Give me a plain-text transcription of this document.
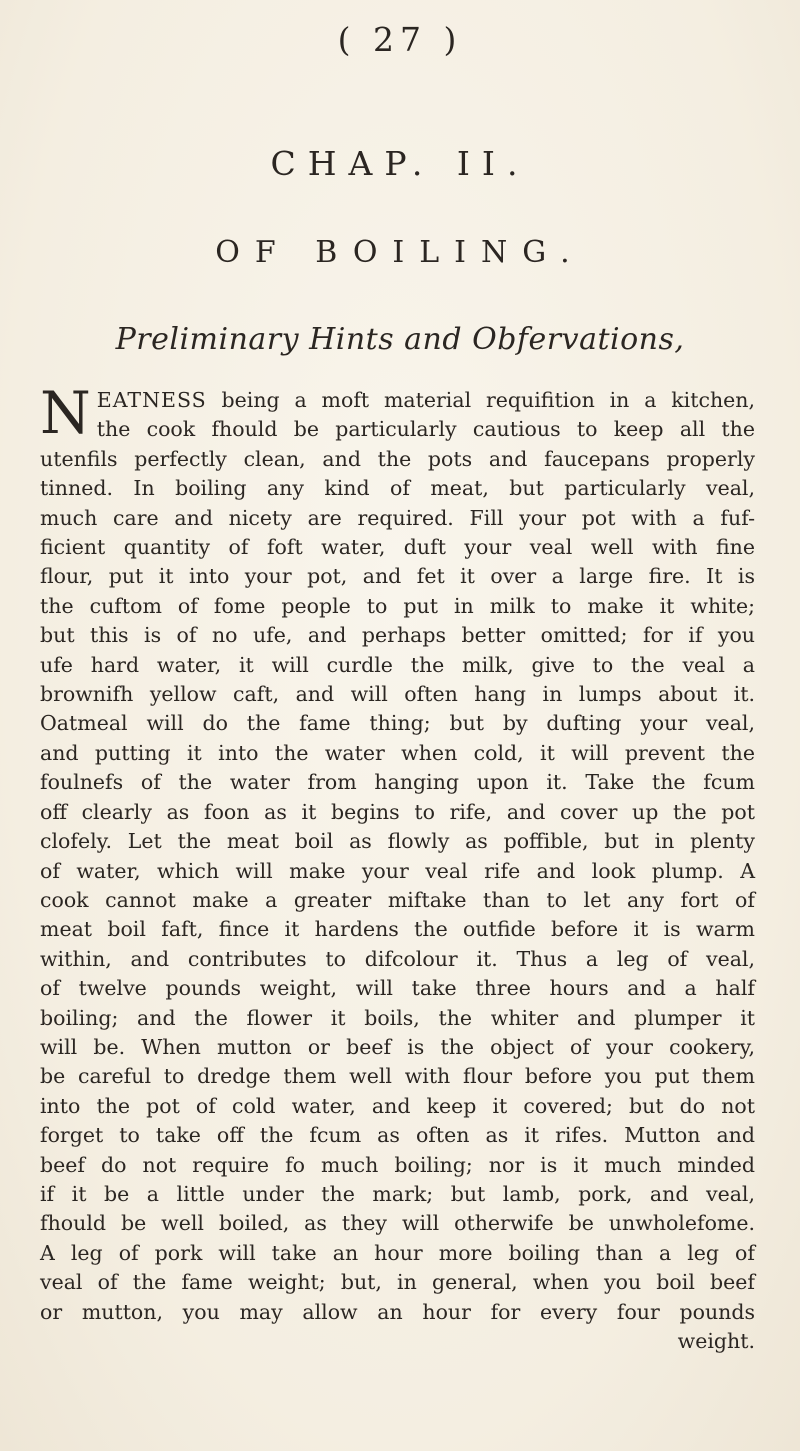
( 27 )
CHAP. II.
OF BOILING.
Preliminary Hints and Obfervations,
N EATNESS being a moft material requifition in a kitchen,
the cook fhould be particularly cautious to keep all the
utenfils perfectly clean, and the pots and faucepans properly
tinned. In boiling any kind of meat, but particularly veal,
much care and nicety are required. Fill your pot with a fuf-
ficient quantity of foft water, duft your veal well with fine
flour, put it into your pot, and fet it over a large fire. It is
the cuftom of fome people to put in milk to make it white;
but this is of no ufe, and perhaps better omitted; for if you
ufe hard water, it will curdle the milk, give to the veal a
brownifh yellow caft, and will often hang in lumps about it.
Oatmeal will do the fame thing; but by dufting your veal,
and putting it into the water when cold, it will prevent the
foulnefs of the water from hanging upon it. Take the fcum
off clearly as foon as it begins to rife, and cover up the pot
clofely. Let the meat boil as flowly as poffible, but in plenty
of water, which will make your veal rife and look plump. A
cook cannot make a greater miftake than to let any fort of
meat boil faft, fince it hardens the outfide before it is warm
within, and contributes to difcolour it. Thus a leg of veal,
of twelve pounds weight, will take three hours and a half
boiling; and the flower it boils, the whiter and plumper it
will be. When mutton or beef is the object of your cookery,
be careful to dredge them well with flour before you put them
into the pot of cold water, and keep it covered; but do not
forget to take off the fcum as often as it rifes. Mutton and
beef do not require fo much boiling; nor is it much minded
if it be a little under the mark; but lamb, pork, and veal,
fhould be well boiled, as they will otherwife be unwholefome.
A leg of pork will take an hour more boiling than a leg of
veal of the fame weight; but, in general, when you boil beef
or mutton, you may allow an hour for every four pounds
weight.
